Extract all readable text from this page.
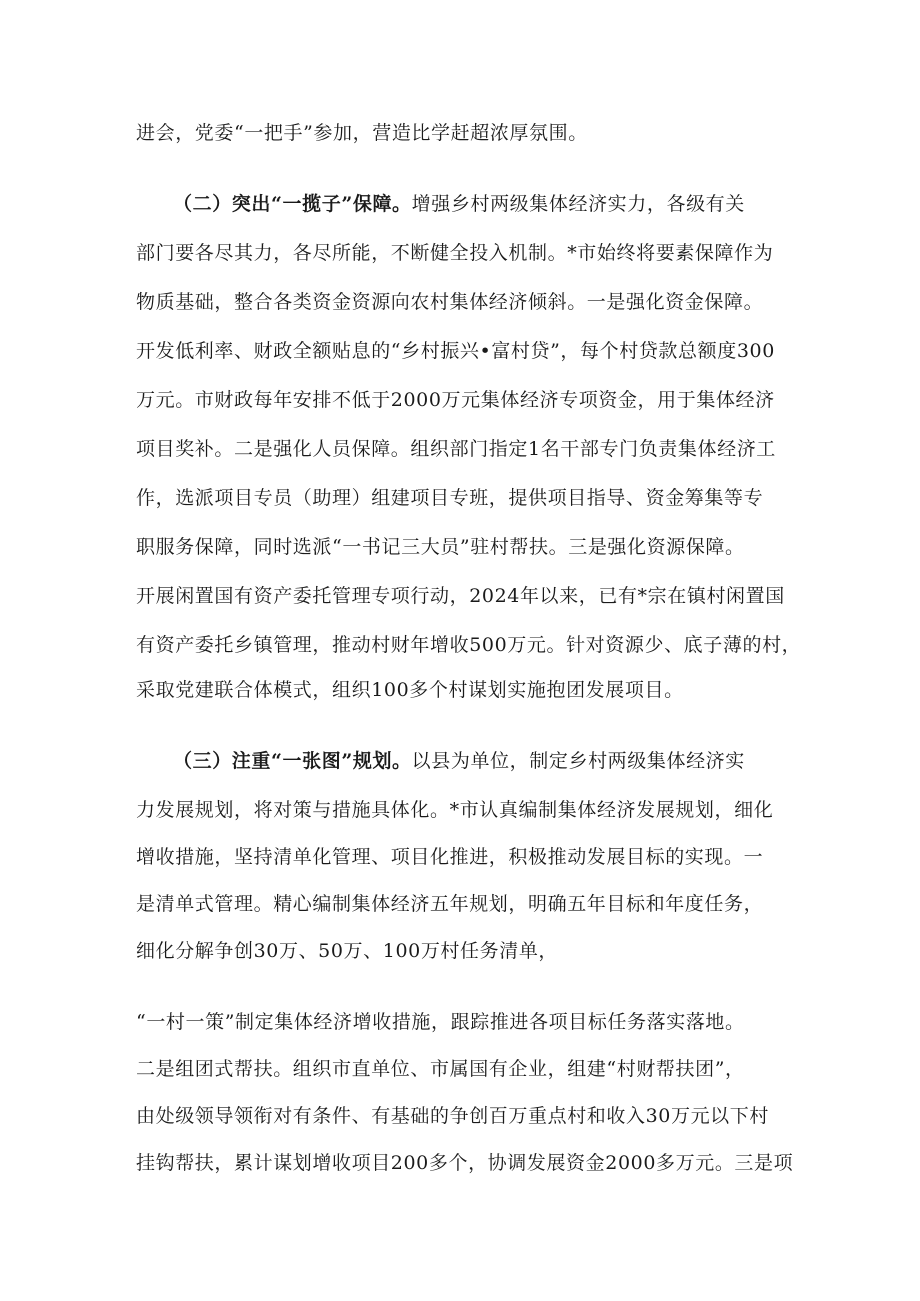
进会，党委“一把手”参加，营造比学赶超浓厚氛围。
（二）突出“一揽子”保障。增强乡村两级集体经济实力，各级有关
部门要各尽其力，各尽所能，不断健全投入机制。*市始终将要素保障作为
物质基础，整合各类资金资源向农村集体经济倾斜。一是强化资金保障。
开发低利率、财政全额贴息的“乡村振兴•富村贷”，每个村贷款总额度300
万元。市财政每年安排不低于2000万元集体经济专项资金，用于集体经济
项目奖补。二是强化人员保障。组织部门指定1名干部专门负责集体经济工
作，选派项目专员（助理）组建项目专班，提供项目指导、资金筹集等专
职服务保障，同时选派“一书记三大员”驻村帮扶。三是强化资源保障。
开展闲置国有资产委托管理专项行动，2024年以来，已有*宗在镇村闲置国
有资产委托乡镇管理，推动村财年增收500万元。针对资源少、底子薄的村，
采取党建联合体模式，组织100多个村谋划实施抱团发展项目。
（三）注重“一张图”规划。以县为单位，制定乡村两级集体经济实
力发展规划，将对策与措施具体化。*市认真编制集体经济发展规划，细化
增收措施，坚持清单化管理、项目化推进，积极推动发展目标的实现。一
是清单式管理。精心编制集体经济五年规划，明确五年目标和年度任务，
细化分解争创30万、50万、100万村任务清单，
“一村一策”制定集体经济增收措施，跟踪推进各项目标任务落实落地。
二是组团式帮扶。组织市直单位、市属国有企业，组建“村财帮扶团”，
由处级领导领衔对有条件、有基础的争创百万重点村和收入30万元以下村
挂钩帮扶，累计谋划增收项目200多个，协调发展资金2000多万元。三是项
